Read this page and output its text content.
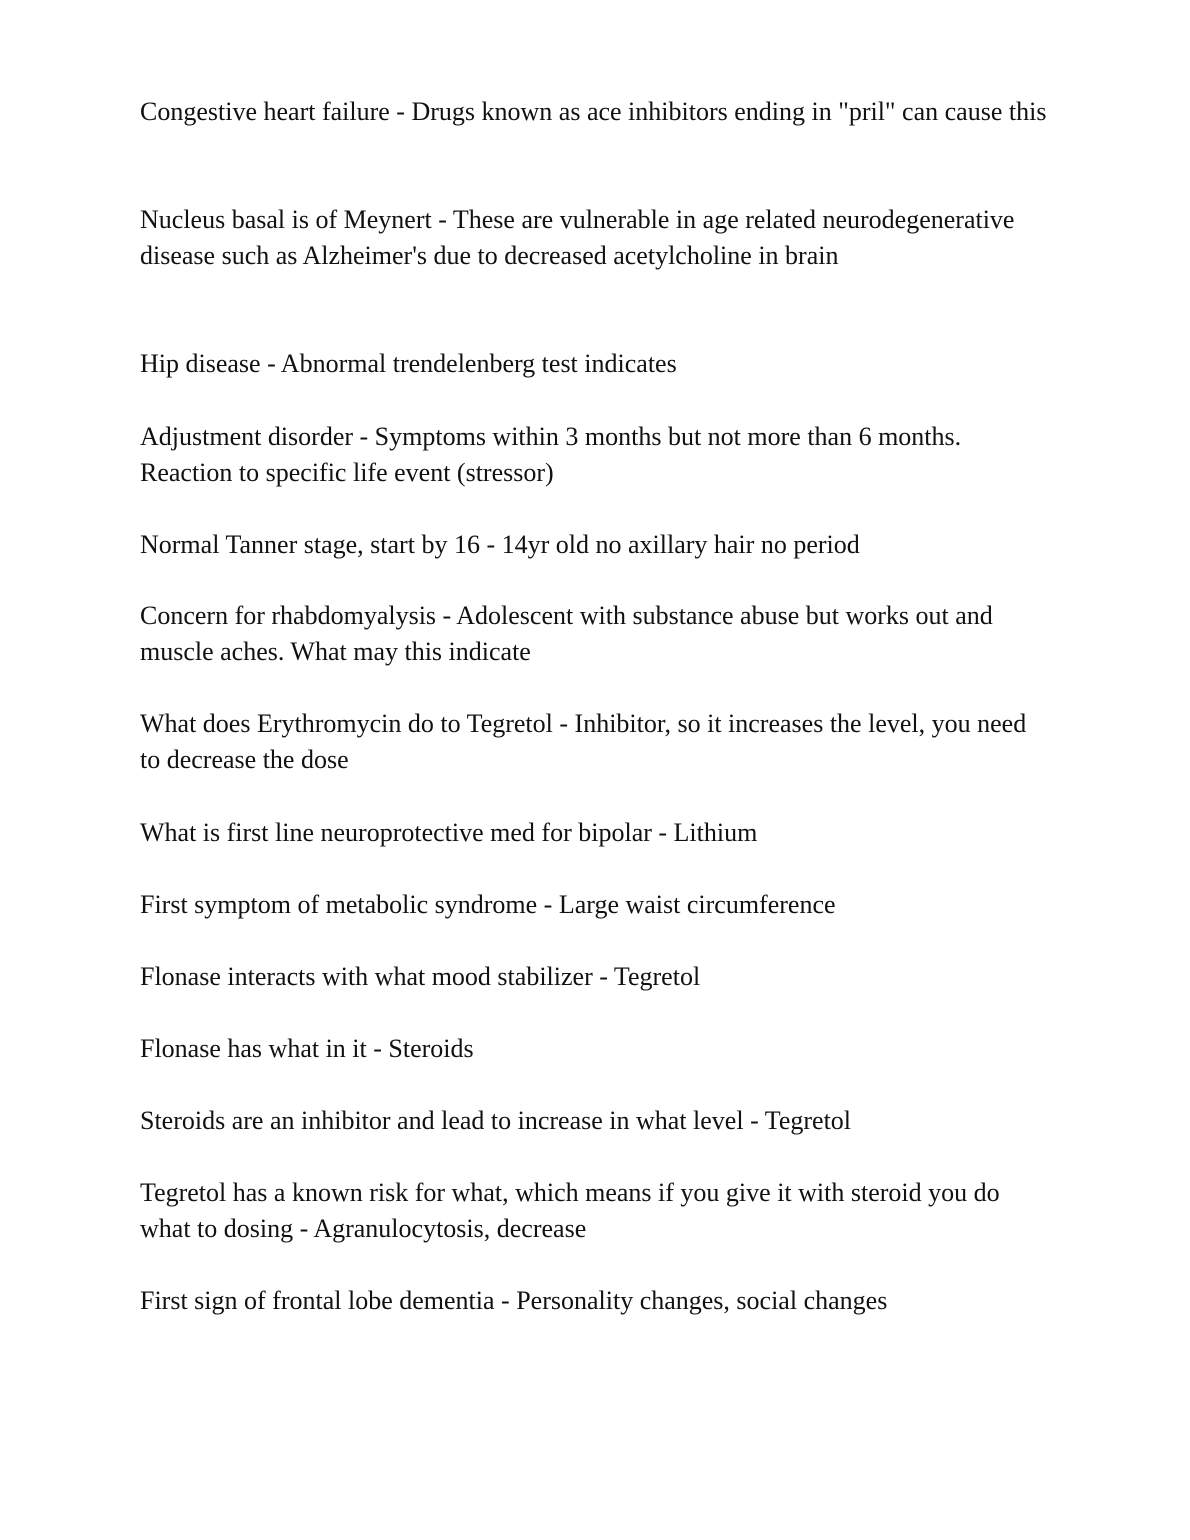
Congestive heart failure - Drugs known as ace inhibitors ending in "pril" can cause this

Nucleus basal is of Meynert - These are vulnerable in age related neurodegenerative disease such as Alzheimer's due to decreased acetylcholine in brain

Hip disease - Abnormal trendelenberg test indicates

Adjustment disorder - Symptoms within 3 months but not more than 6 months. Reaction to specific life event (stressor)

Normal Tanner stage, start by 16 - 14yr old no axillary hair no period

Concern for rhabdomyalysis - Adolescent with substance abuse but works out and muscle aches. What may this indicate

What does Erythromycin do to Tegretol - Inhibitor, so it increases the level, you need to decrease the dose

What is first line neuroprotective med for bipolar - Lithium

First symptom of metabolic syndrome - Large waist circumference

Flonase interacts with what mood stabilizer - Tegretol

Flonase has what in it - Steroids

Steroids are an inhibitor and lead to increase in what level - Tegretol

Tegretol has a known risk for what, which means if you give it with steroid you do what to dosing - Agranulocytosis, decrease

First sign of frontal lobe dementia - Personality changes, social changes
